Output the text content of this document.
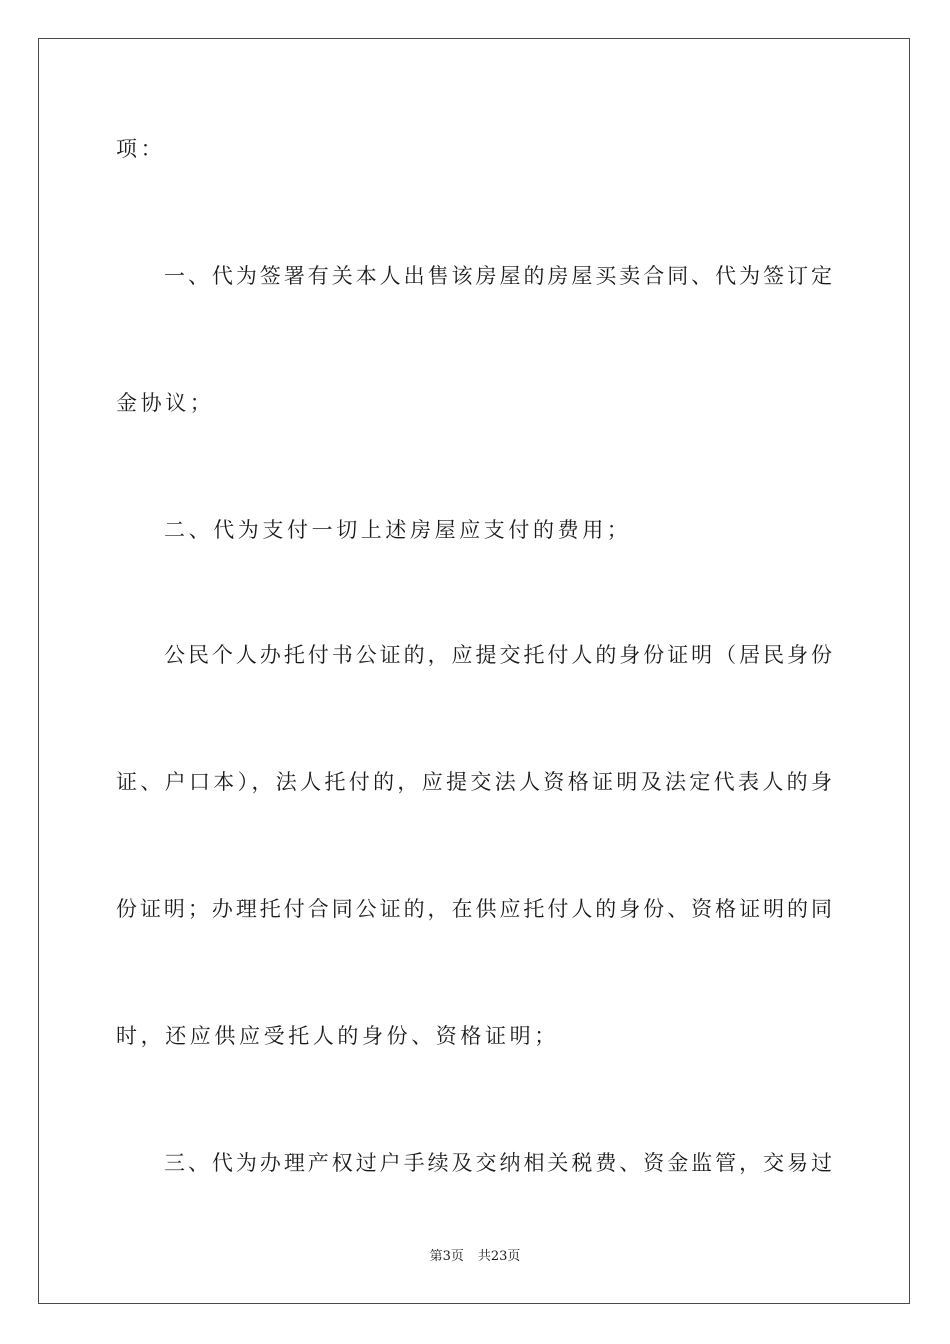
项：
一、代为签署有关本人出售该房屋的房屋买卖合同、代为签订定
金协议；
二、代为支付一切上述房屋应支付的费用；
公民个人办托付书公证的，应提交托付人的身份证明（居民身份
证、户口本），法人托付的，应提交法人资格证明及法定代表人的身
份证明；办理托付合同公证的，在供应托付人的身份、资格证明的同
时，还应供应受托人的身份、资格证明；
三、代为办理产权过户手续及交纳相关税费、资金监管，交易过
第3页 共23页
